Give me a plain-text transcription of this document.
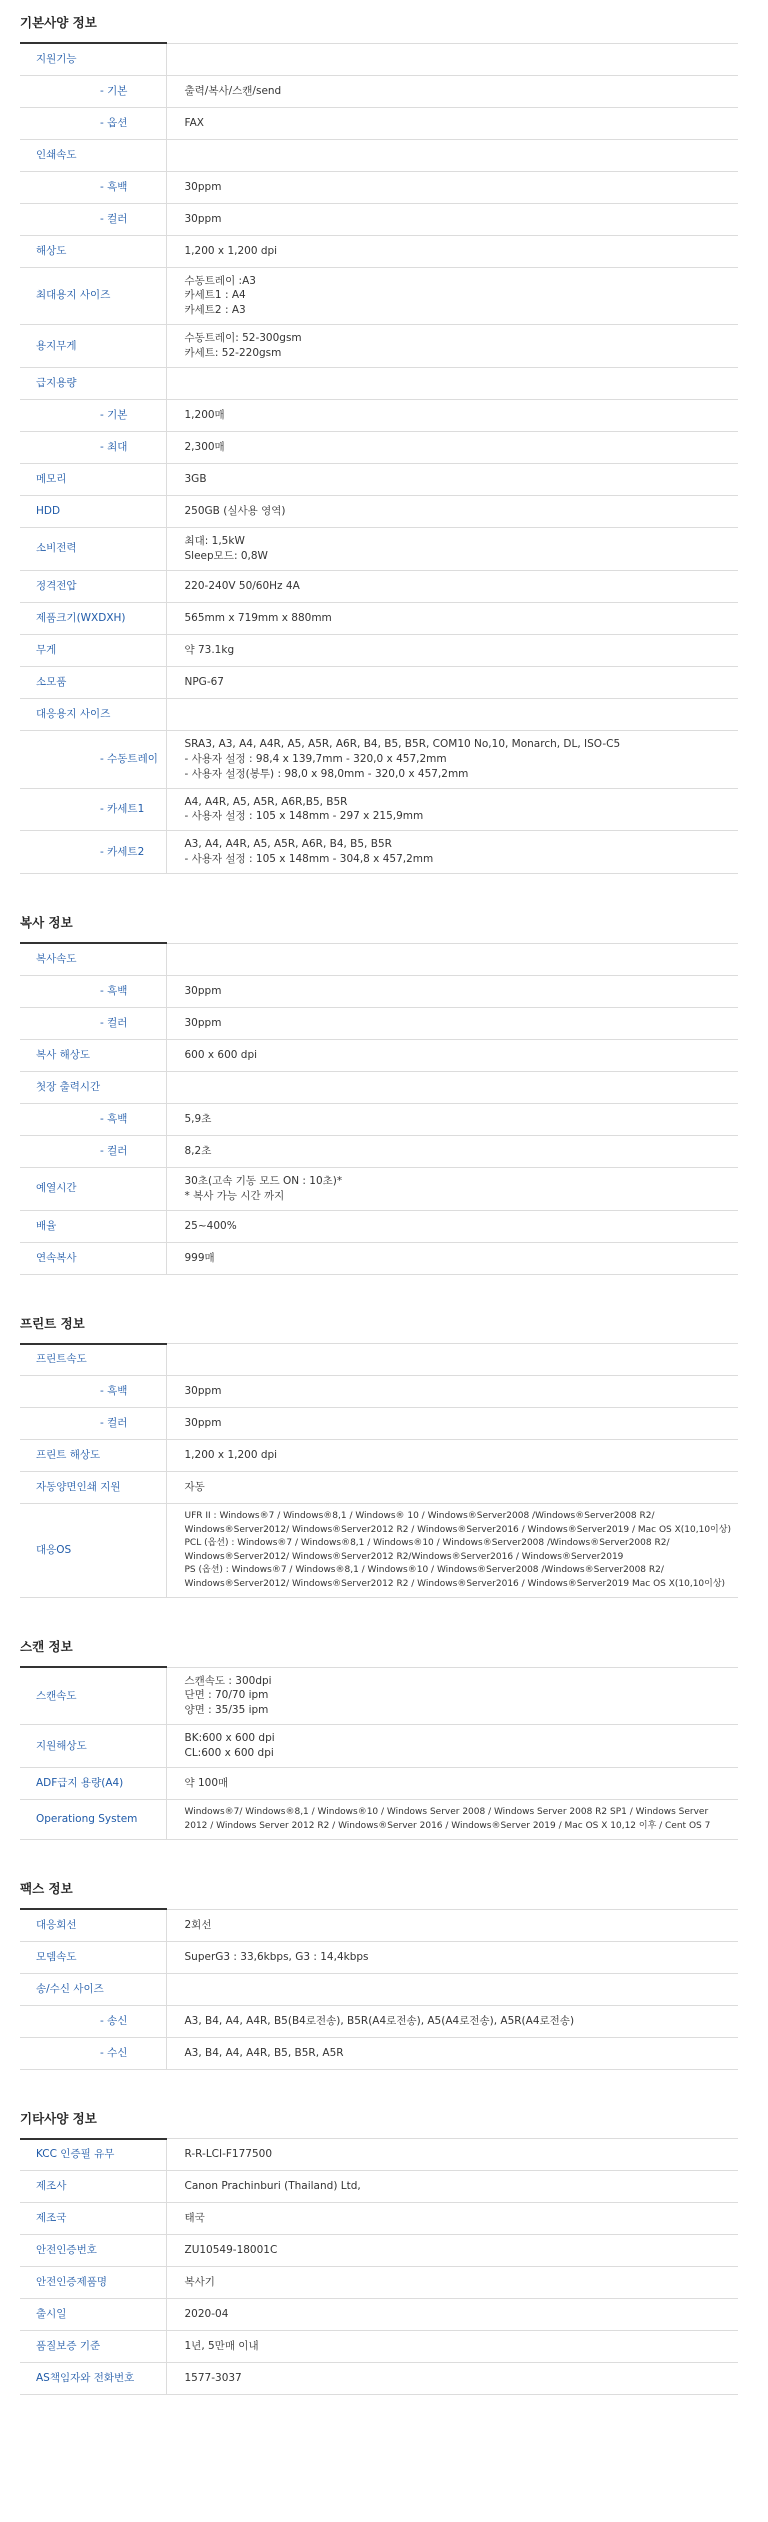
기본사양 정보
지원기능	
- 기본	출력/복사/스캔/send

- 옵션	FAX

인쇄속도	
- 흑백	30ppm

- 컬러	30ppm

해상도	1,200 x 1,200 dpi

최대용지 사이즈	수동트레이 :A3
카세트1 : A4
카세트2 : A3

용지무게	수동트레이: 52-300gsm
카세트: 52-220gsm

급지용량	
- 기본	1,200매

- 최대	2,300매

메모리	3GB

HDD	250GB (실사용 영역)

소비전력	최대: 1,5kW
Sleep모드: 0,8W

정격전압	220-240V 50/60Hz 4A

제품크기(WXDXH)	565mm x 719mm x 880mm

무게	약 73.1kg

소모품	NPG-67

대응용지 사이즈	
- 수동트레이	SRA3, A3, A4, A4R, A5, A5R, A6R, B4, B5, B5R, COM10 No,10, Monarch, DL, ISO-C5
- 사용자 설정 : 98,4 x 139,7mm - 320,0 x 457,2mm
- 사용자 설정(봉투) : 98,0 x 98,0mm - 320,0 x 457,2mm

- 카세트1	A4, A4R, A5, A5R, A6R,B5, B5R
- 사용자 설정 : 105 x 148mm - 297 x 215,9mm

- 카세트2	A3, A4, A4R, A5, A5R, A6R, B4, B5, B5R
- 사용자 설정 : 105 x 148mm - 304,8 x 457,2mm
복사 정보
복사속도	
- 흑백	30ppm

- 컬러	30ppm

복사 해상도	600 x 600 dpi

첫장 출력시간	
- 흑백	5,9초

- 컬러	8,2초

예열시간	30초(고속 기동 모드 ON : 10초)*
* 복사 가능 시간 까지

배율	25~400%

연속복사	999매
프린트 정보
프린트속도	
- 흑백	30ppm

- 컬러	30ppm

프린트 해상도	1,200 x 1,200 dpi

자동양면인쇄 지원	자동

대응OS	UFR II : Windows®7 / Windows®8,1 / Windows® 10 / Windows®Server2008 /Windows®Server2008 R2/ Windows®Server2012/ Windows®Server2012 R2 / Windows®Server2016 / Windows®Server2019 / Mac OS X(10,10이상)
PCL (옵션) : Windows®7 / Windows®8,1 / Windows®10 / Windows®Server2008 /Windows®Server2008 R2/ Windows®Server2012/ Windows®Server2012 R2/Windows®Server2016 / Windows®Server2019
PS (옵션) : Windows®7 / Windows®8,1 / Windows®10 / Windows®Server2008 /Windows®Server2008 R2/ Windows®Server2012/ Windows®Server2012 R2 / Windows®Server2016 / Windows®Server2019 Mac OS X(10,10이상)
스캔 정보
스캔속도	스캔속도 : 300dpi
단면 : 70/70 ipm
양면 : 35/35 ipm

지원해상도	BK:600 x 600 dpi
CL:600 x 600 dpi

ADF급지 용량(A4)	약 100매

Operationg System	Windows®7/ Windows®8,1 / Windows®10 / Windows Server 2008 / Windows Server 2008 R2 SP1 / Windows Server 2012 / Windows Server 2012 R2 / Windows®Server 2016 / Windows®Server 2019 / Mac OS X 10,12 이후 / Cent OS 7
팩스 정보
대응회선	2회선

모뎀속도	SuperG3 : 33,6kbps, G3 : 14,4kbps

송/수신 사이즈	
- 송신	A3, B4, A4, A4R, B5(B4로전송), B5R(A4로전송), A5(A4로전송), A5R(A4로전송)

- 수신	A3, B4, A4, A4R, B5, B5R, A5R
기타사양 정보
KCC 인증필 유무	R-R-LCI-F177500

제조사	Canon Prachinburi (Thailand) Ltd,

제조국	태국

안전인증번호	ZU10549-18001C

안전인증제품명	복사기

출시일	2020-04

품질보증 기준	1년, 5만매 이내

AS책임자와 전화번호	1577-3037
